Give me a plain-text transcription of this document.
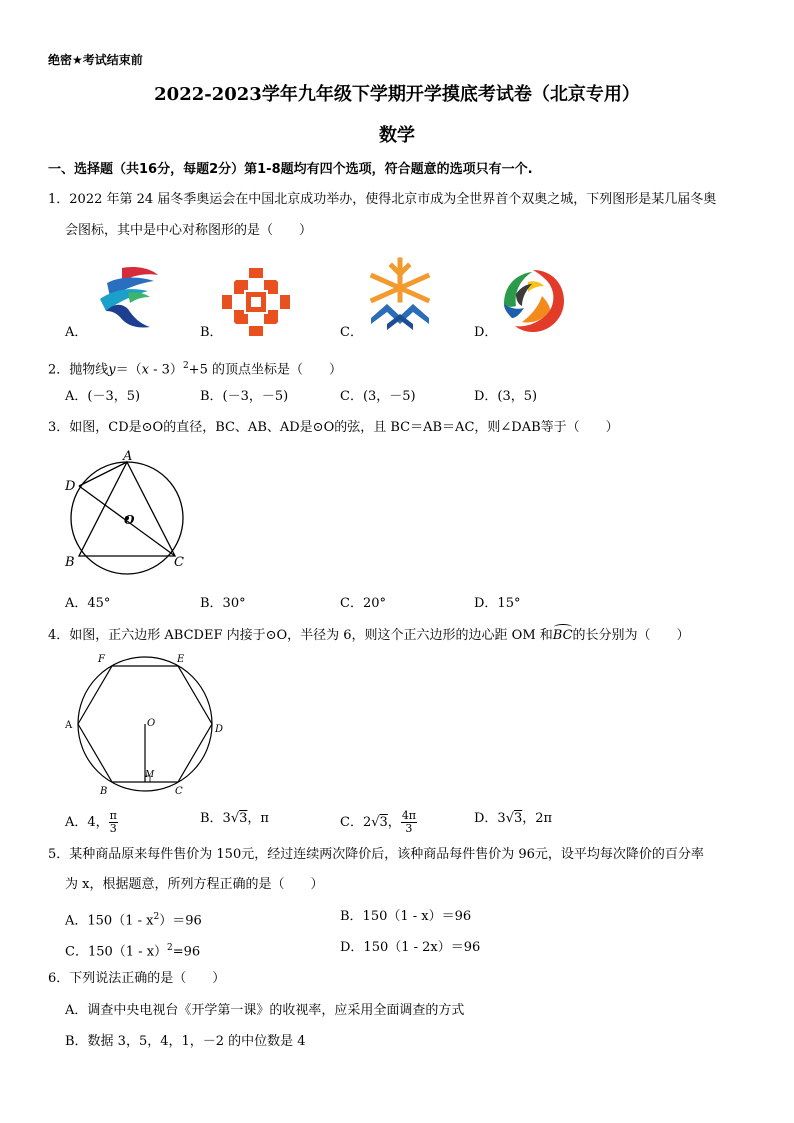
绝密★考试结束前
2022-2023学年九年级下学期开学摸底考试卷（北京专用）
数学
一、选择题（共16分，每题2分）第1-8题均有四个选项，符合题意的选项只有一个.
1．2022 年第 24 届冬季奥运会在中国北京成功举办，使得北京市成为全世界首个双奥之城，下列图形是某几届冬奥
会图标，其中是中心对称图形的是（　　）
A．	B．	C．	D．
2．抛物线y＝（x - 3）$^2$+5 的顶点坐标是（　　）
A．(－3，5)	B．(－3，－5)	C．(3，－5)	D．(3，5)
3．如图，CD是⊙O的直径，BC、AB、AD是⊙O的弦，且 BC＝AB＝AC，则∠DAB等于（　　）
A
D
B	C
O
A．45°	B．30°	C．20°	D．15°
4．如图，正六边形 ABCDEF 内接于⊙O，半径为 6，则这个正六边形的边心距 OM 和BC的长分别为（　　）
A
F	E
D
C
B
O
M
A．4， $\frac{\pi}{3}$	B．3√3，π	C．2√3， $\frac{4\pi}{3}$	D．3√3，2π
5．某种商品原来每件售价为 150元，经过连续两次降价后，该种商品每件售价为 96元，设平均每次降价的百分率
为 x，根据题意，所列方程正确的是（　　）
A．$150(1 - x^2)=96$	B．150（1 - x）＝96
C．150（1 - x）$^2$=96	D．150（1 - 2x）＝96
6．下列说法正确的是（　　）
A．调查中央电视台《开学第一课》的收视率，应采用全面调查的方式
B．数据 3，5，4，1，－2 的中位数是 4
